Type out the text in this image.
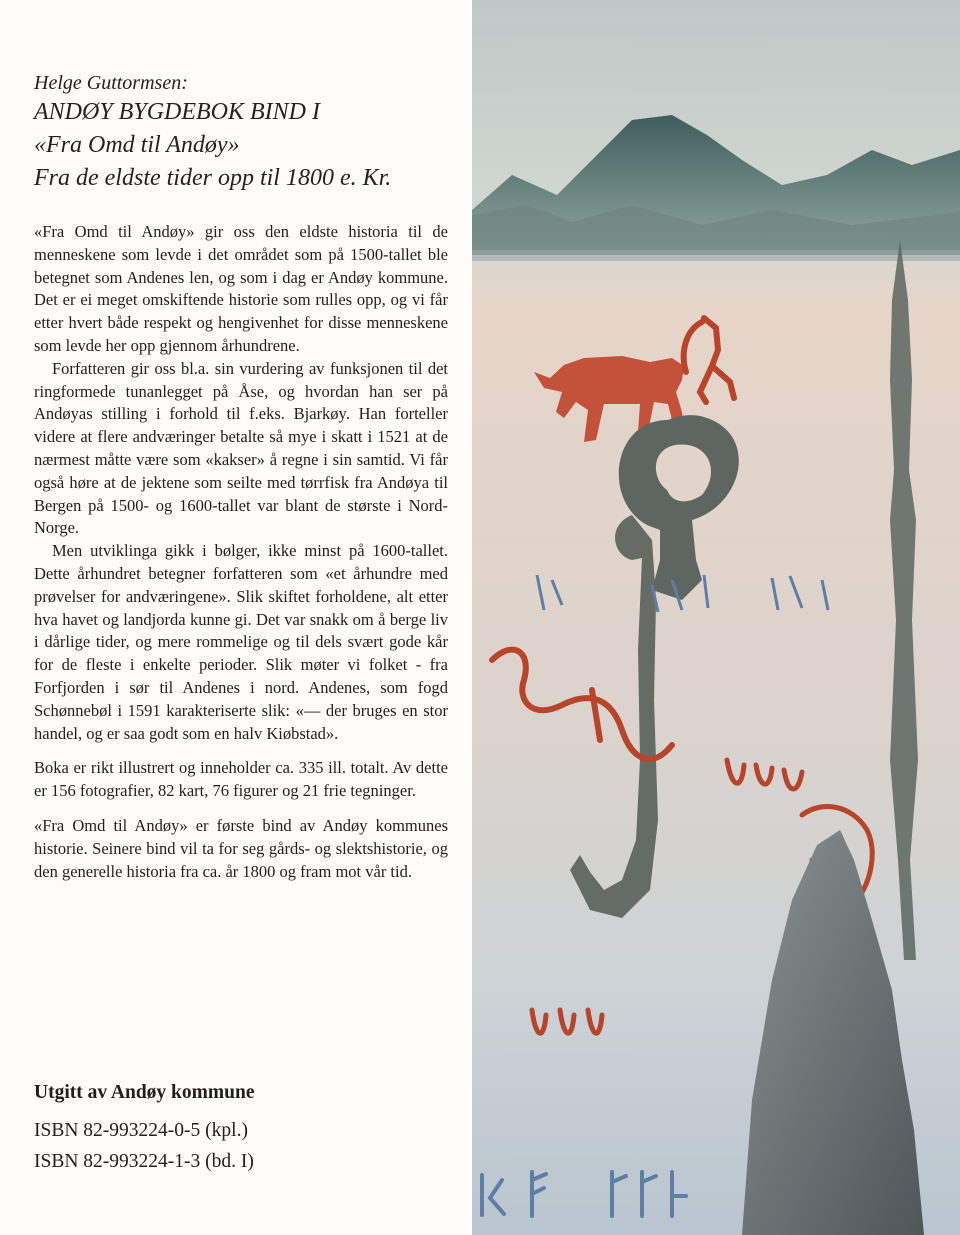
Helge Guttormsen:

ANDØY BYGDEBOK BIND I

«Fra Omd til Andøy»

Fra de eldste tider opp til 1800 e. Kr.

«Fra Omd til Andøy» gir oss den eldste historia til de menneskene som levde i det området som på 1500-tallet ble betegnet som Andenes len, og som i dag er Andøy kommune. Det er ei meget omskiftende historie som rulles opp, og vi får etter hvert både respekt og hengivenhet for disse menneskene som levde her opp gjennom århundrene.

Forfatteren gir oss bl.a. sin vurdering av funksjonen til det ringformede tunanlegget på Åse, og hvordan han ser på Andøyas stilling i forhold til f.eks. Bjarkøy. Han forteller videre at flere andværinger betalte så mye i skatt i 1521 at de nærmest måtte være som «kakser» å regne i sin samtid. Vi får også høre at de jektene som seilte med tørrfisk fra Andøya til Bergen på 1500- og 1600-tallet var blant de største i Nord-Norge.

Men utviklinga gikk i bølger, ikke minst på 1600-tallet. Dette århundret betegner forfatteren som «et århundre med prøvelser for andværingene». Slik skiftet forholdene, alt etter hva havet og landjorda kunne gi. Det var snakk om å berge liv i dårlige tider, og mere rommelige og til dels svært gode kår for de fleste i enkelte perioder. Slik møter vi folket - fra Forfjorden i sør til Andenes i nord. Andenes, som fogd Schønnebøl i 1591 karakteriserte slik: «— der bruges en stor handel, og er saa godt som en halv Kiøbstad».

Boka er rikt illustrert og inneholder ca. 335 ill. totalt. Av dette er 156 fotografier, 82 kart, 76 figurer og 21 frie tegninger.

«Fra Omd til Andøy» er første bind av Andøy kommunes historie. Seinere bind vil ta for seg gårds- og slektshistorie, og den generelle historia fra ca. år 1800 og fram mot vår tid.

Utgitt av Andøy kommune

ISBN 82-993224-0-5 (kpl.)

ISBN 82-993224-1-3 (bd. I)
